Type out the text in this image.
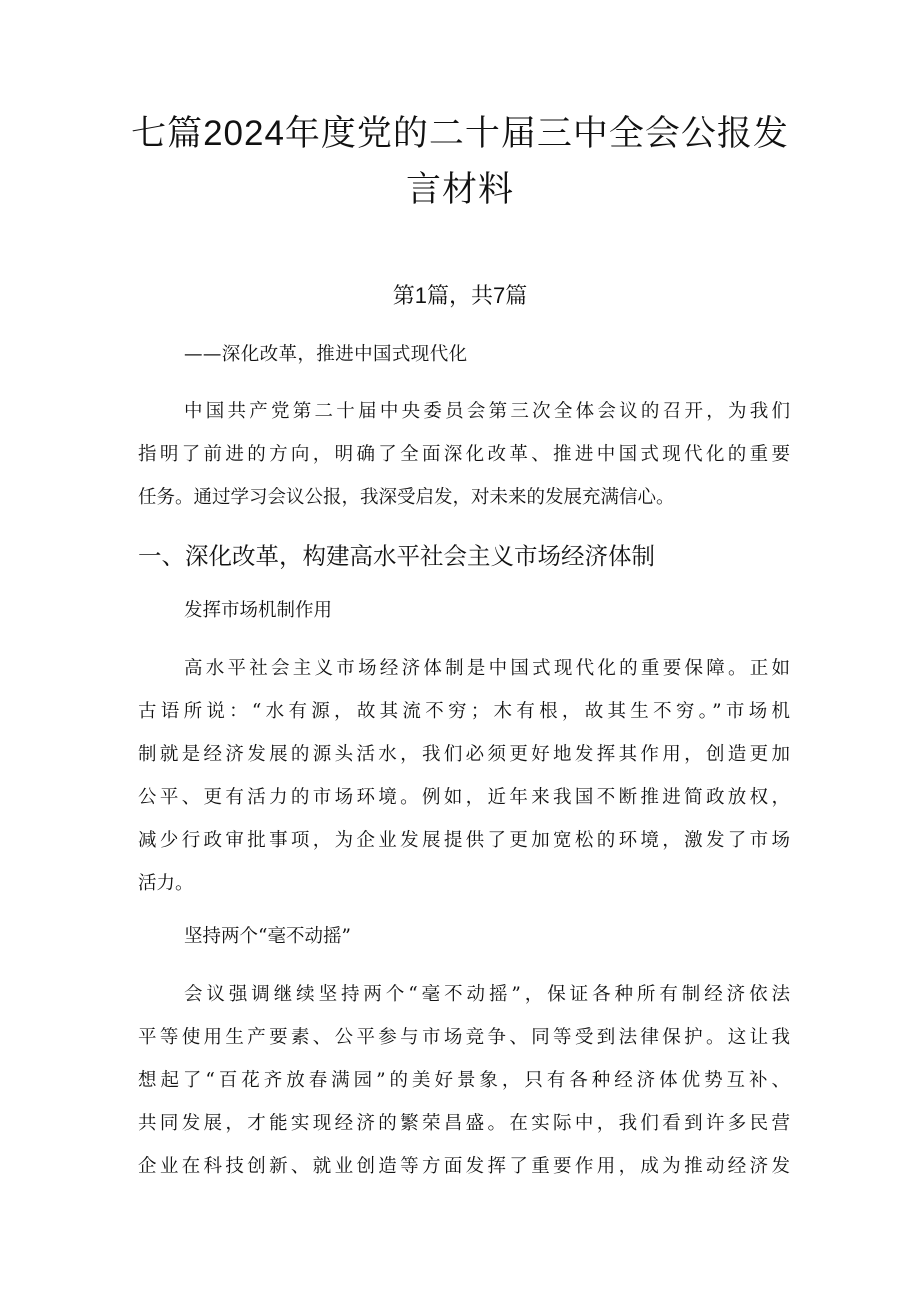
七篇2024年度党的二十届三中全会公报发
言材料
第1篇，共7篇

——深化改革，推进中国式现代化

中国共产党第二十届中央委员会第三次全体会议的召开，为我们
指明了前进的方向，明确了全面深化改革、推进中国式现代化的重要
任务。通过学习会议公报，我深受启发，对未来的发展充满信心。

一、深化改革，构建高水平社会主义市场经济体制

发挥市场机制作用

高水平社会主义市场经济体制是中国式现代化的重要保障。正如
古语所说：“水有源，故其流不穷；木有根，故其生不穷。”市场机
制就是经济发展的源头活水，我们必须更好地发挥其作用，创造更加
公平、更有活力的市场环境。例如，近年来我国不断推进简政放权，
减少行政审批事项，为企业发展提供了更加宽松的环境，激发了市场
活力。

坚持两个“毫不动摇”

会议强调继续坚持两个“毫不动摇”，保证各种所有制经济依法
平等使用生产要素、公平参与市场竞争、同等受到法律保护。这让我
想起了“百花齐放春满园”的美好景象，只有各种经济体优势互补、
共同发展，才能实现经济的繁荣昌盛。在实际中，我们看到许多民营
企业在科技创新、就业创造等方面发挥了重要作用，成为推动经济发
